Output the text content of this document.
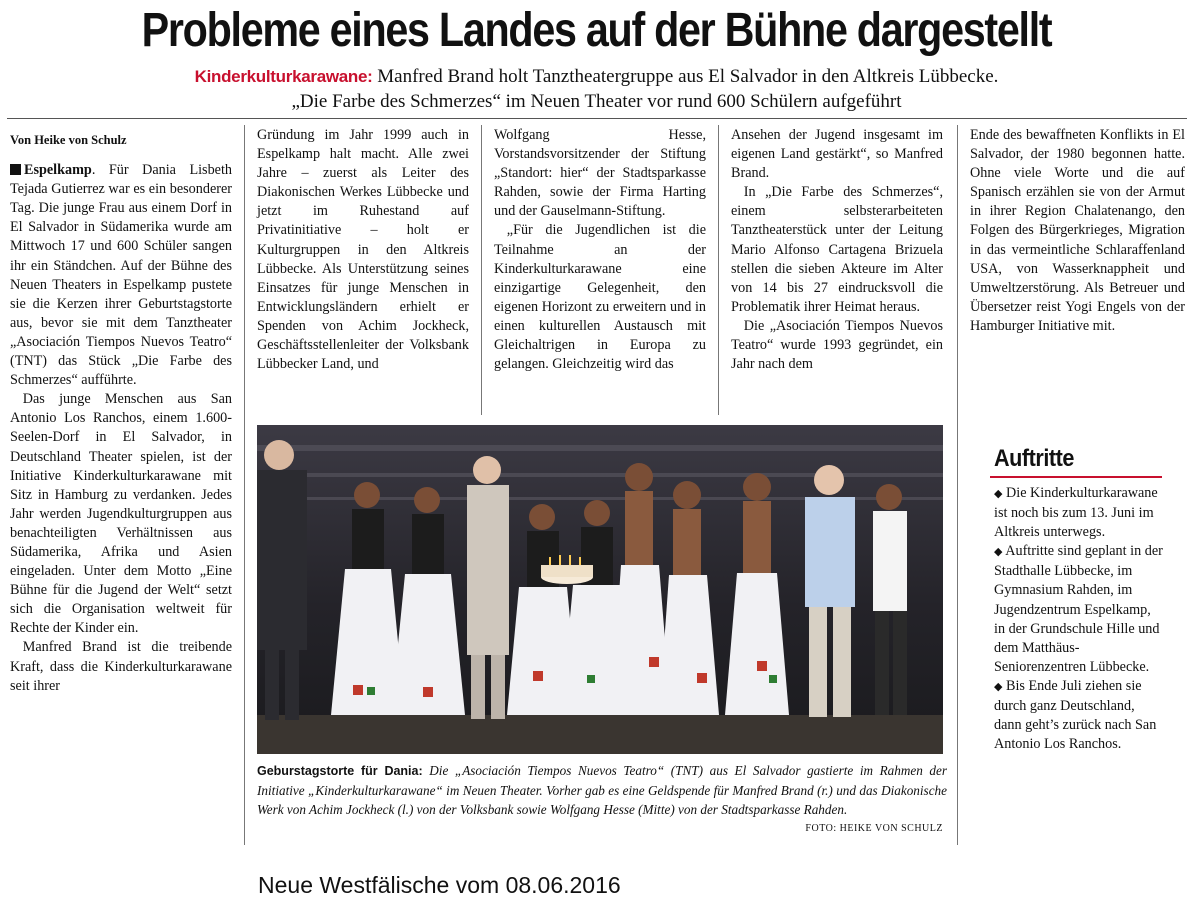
Probleme eines Landes auf der Bühne dargestellt
Kinderkulturkarawane: Manfred Brand holt Tanztheatergruppe aus El Salvador in den Altkreis Lübbecke.
„Die Farbe des Schmerzes“ im Neuen Theater vor rund 600 Schülern aufgeführt
Von Heike von Schulz

Espelkamp. Für Dania Lisbeth Tejada Gutierrez war es ein besonderer Tag. Die junge Frau aus einem Dorf in El Salvador in Südamerika wurde am Mittwoch 17 und 600 Schüler sangen ihr ein Ständchen. Auf der Bühne des Neuen Theaters in Espelkamp pustete sie die Kerzen ihrer Geburtstagstorte aus, bevor sie mit dem Tanztheater „Asociación Tiempos Nuevos Teatro“ (TNT) das Stück „Die Farbe des Schmerzes“ aufführte.

Das junge Menschen aus San Antonio Los Ranchos, einem 1.600-Seelen-Dorf in El Salvador, in Deutschland Theater spielen, ist der Initiative Kinderkulturkarawane mit Sitz in Hamburg zu verdanken. Jedes Jahr werden Jugendkulturgruppen aus benachteiligten Verhältnissen aus Südamerika, Afrika und Asien eingeladen. Unter dem Motto „Eine Bühne für die Jugend der Welt“ setzt sich die Organisation weltweit für Rechte der Kinder ein.

Manfred Brand ist die treibende Kraft, dass die Kinderkulturkarawane seit ihrer

Gründung im Jahr 1999 auch in Espelkamp halt macht. Alle zwei Jahre – zuerst als Leiter des Diakonischen Werkes Lübbecke und jetzt im Ruhestand auf Privatinitiative – holt er Kulturgruppen in den Altkreis Lübbecke. Als Unterstützung seines Einsatzes für junge Menschen in Entwicklungsländern erhielt er Spenden von Achim Jockheck, Geschäftsstellenleiter der Volksbank Lübbecker Land, und

Wolfgang Hesse, Vorstandsvorsitzender der Stiftung „Standort: hier“ der Stadtsparkasse Rahden, sowie der Firma Harting und der Gauselmann-Stiftung.

„Für die Jugendlichen ist die Teilnahme an der Kinderkulturkarawane eine einzigartige Gelegenheit, den eigenen Horizont zu erweitern und in einen kulturellen Austausch mit Gleichaltrigen in Europa zu gelangen. Gleichzeitig wird das

Ansehen der Jugend insgesamt im eigenen Land gestärkt“, so Manfred Brand.

In „Die Farbe des Schmerzes“, einem selbsterarbeiteten Tanztheaterstück unter der Leitung Mario Alfonso Cartagena Brizuela stellen die sieben Akteure im Alter von 14 bis 27 eindrucksvoll die Problematik ihrer Heimat heraus.

Die „Asociación Tiempos Nuevos Teatro“ wurde 1993 gegründet, ein Jahr nach dem

Ende des bewaffneten Konflikts in El Salvador, der 1980 begonnen hatte. Ohne viele Worte und die auf Spanisch erzählen sie von der Armut in ihrer Region Chalatenango, den Folgen des Bürgerkrieges, Migration in das vermeintliche Schlaraffenland USA, von Wasserknappheit und Umweltzerstörung. Als Betreuer und Übersetzer reist Yogi Engels von der Hamburger Initiative mit.

Geburstagstorte für Dania: Die „Asociación Tiempos Nuevos Teatro“ (TNT) aus El Salvador gastierte im Rahmen der Initiative „Kinderkulturkarawane“ im Neuen Theater. Vorher gab es eine Geldspende für Manfred Brand (r.) und das Diakonische Werk von Achim Jockheck (l.) von der Volksbank sowie Wolfgang Hesse (Mitte) von der Stadtsparkasse Rahden.
FOTO: HEIKE VON SCHULZ
Auftritte

◆ Die Kinderkulturkarawane ist noch bis zum 13. Juni im Altkreis unterwegs.

◆ Auftritte sind geplant in der Stadthalle Lübbecke, im Gymnasium Rahden, im Jugendzentrum Espelkamp, in der Grundschule Hille und dem Matthäus-Seniorenzentren Lübbecke.

◆ Bis Ende Juli ziehen sie durch ganz Deutschland, dann geht’s zurück nach San Antonio Los Ranchos.

Neue Westfälische vom 08.06.2016
